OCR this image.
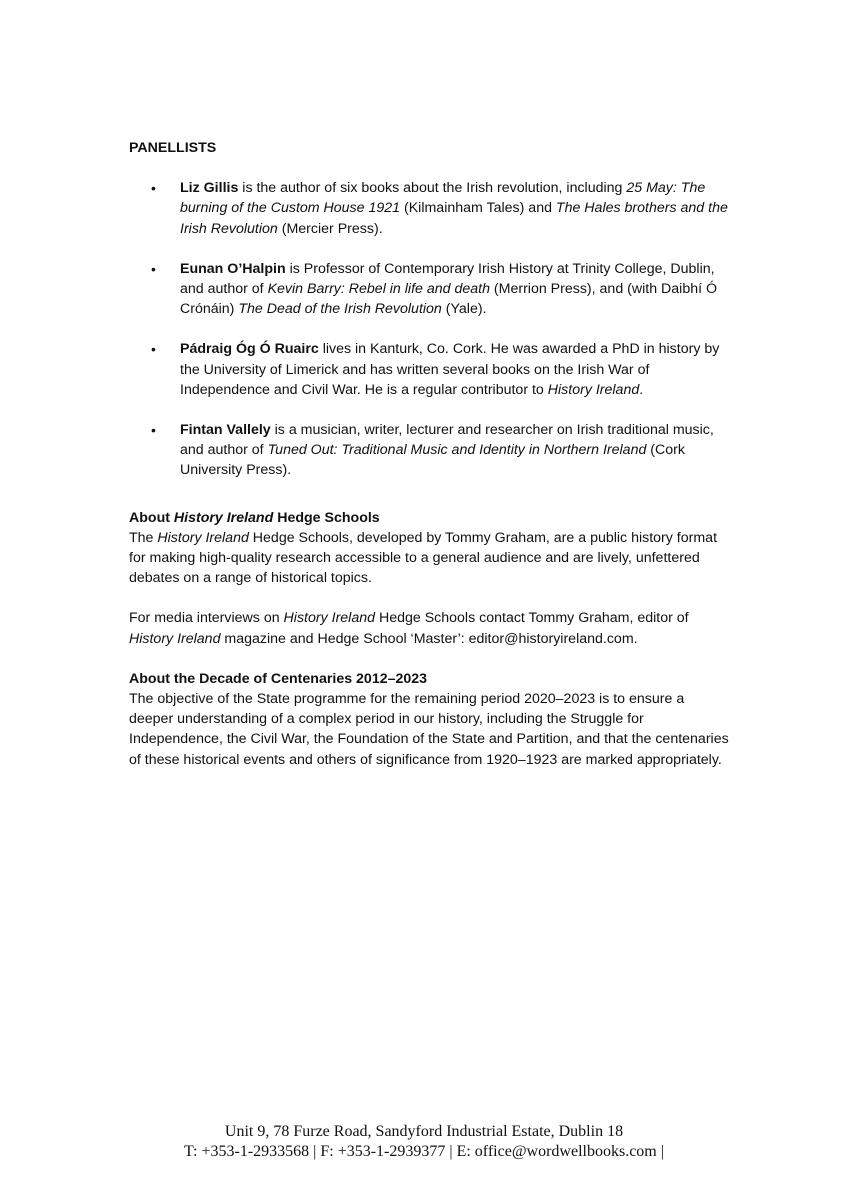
PANELLISTS

• Liz Gillis is the author of six books about the Irish revolution, including 25 May: The burning of the Custom House 1921 (Kilmainham Tales) and The Hales brothers and the Irish Revolution (Mercier Press).
• Eunan O’Halpin is Professor of Contemporary Irish History at Trinity College, Dublin, and author of Kevin Barry: Rebel in life and death (Merrion Press), and (with Daibhí Ó Crónáin) The Dead of the Irish Revolution (Yale).
• Pádraig Óg Ó Ruairc lives in Kanturk, Co. Cork. He was awarded a PhD in history by the University of Limerick and has written several books on the Irish War of Independence and Civil War. He is a regular contributor to History Ireland.
• Fintan Vallely is a musician, writer, lecturer and researcher on Irish traditional music, and author of Tuned Out: Traditional Music and Identity in Northern Ireland (Cork University Press).

About History Ireland Hedge Schools

The History Ireland Hedge Schools, developed by Tommy Graham, are a public history format for making high-quality research accessible to a general audience and are lively, unfettered debates on a range of historical topics.

For media interviews on History Ireland Hedge Schools contact Tommy Graham, editor of History Ireland magazine and Hedge School ‘Master’: editor@historyireland.com.

About the Decade of Centenaries 2012–2023

The objective of the State programme for the remaining period 2020–2023 is to ensure a deeper understanding of a complex period in our history, including the Struggle for Independence, the Civil War, the Foundation of the State and Partition, and that the centenaries of these historical events and others of significance from 1920–1923 are marked appropriately.

Unit 9, 78 Furze Road, Sandyford Industrial Estate, Dublin 18
T: +353-1-2933568 | F: +353-1-2939377 | E: office@wordwellbooks.com |
